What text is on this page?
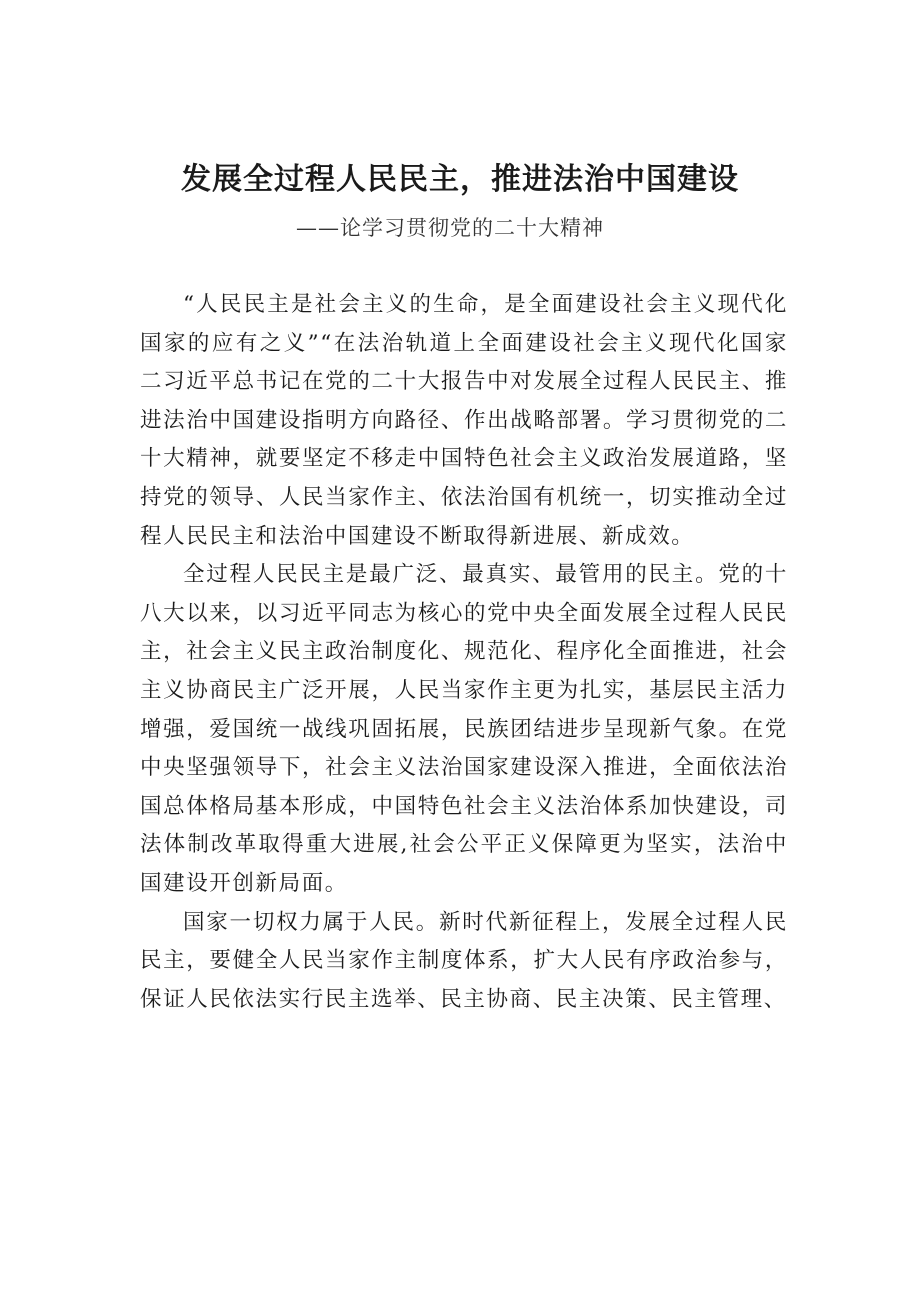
发展全过程人民民主，推进法治中国建设

——论学习贯彻党的二十大精神

“人民民主是社会主义的生命，是全面建设社会主义现代化国家的应有之义”“在法治轨道上全面建设社会主义现代化国家二习近平总书记在党的二十大报告中对发展全过程人民民主、推进法治中国建设指明方向路径、作出战略部署。学习贯彻党的二十大精神，就要坚定不移走中国特色社会主义政治发展道路，坚持党的领导、人民当家作主、依法治国有机统一，切实推动全过程人民民主和法治中国建设不断取得新进展、新成效。

全过程人民民主是最广泛、最真实、最管用的民主。党的十八大以来，以习近平同志为核心的党中央全面发展全过程人民民主，社会主义民主政治制度化、规范化、程序化全面推进，社会主义协商民主广泛开展，人民当家作主更为扎实，基层民主活力增强，爱国统一战线巩固拓展，民族团结进步呈现新气象。在党中央坚强领导下，社会主义法治国家建设深入推进，全面依法治国总体格局基本形成，中国特色社会主义法治体系加快建设，司法体制改革取得重大进展,社会公平正义保障更为坚实，法治中国建设开创新局面。

国家一切权力属于人民。新时代新征程上，发展全过程人民民主，要健全人民当家作主制度体系，扩大人民有序政治参与，保证人民依法实行民主选举、民主协商、民主决策、民主管理、
